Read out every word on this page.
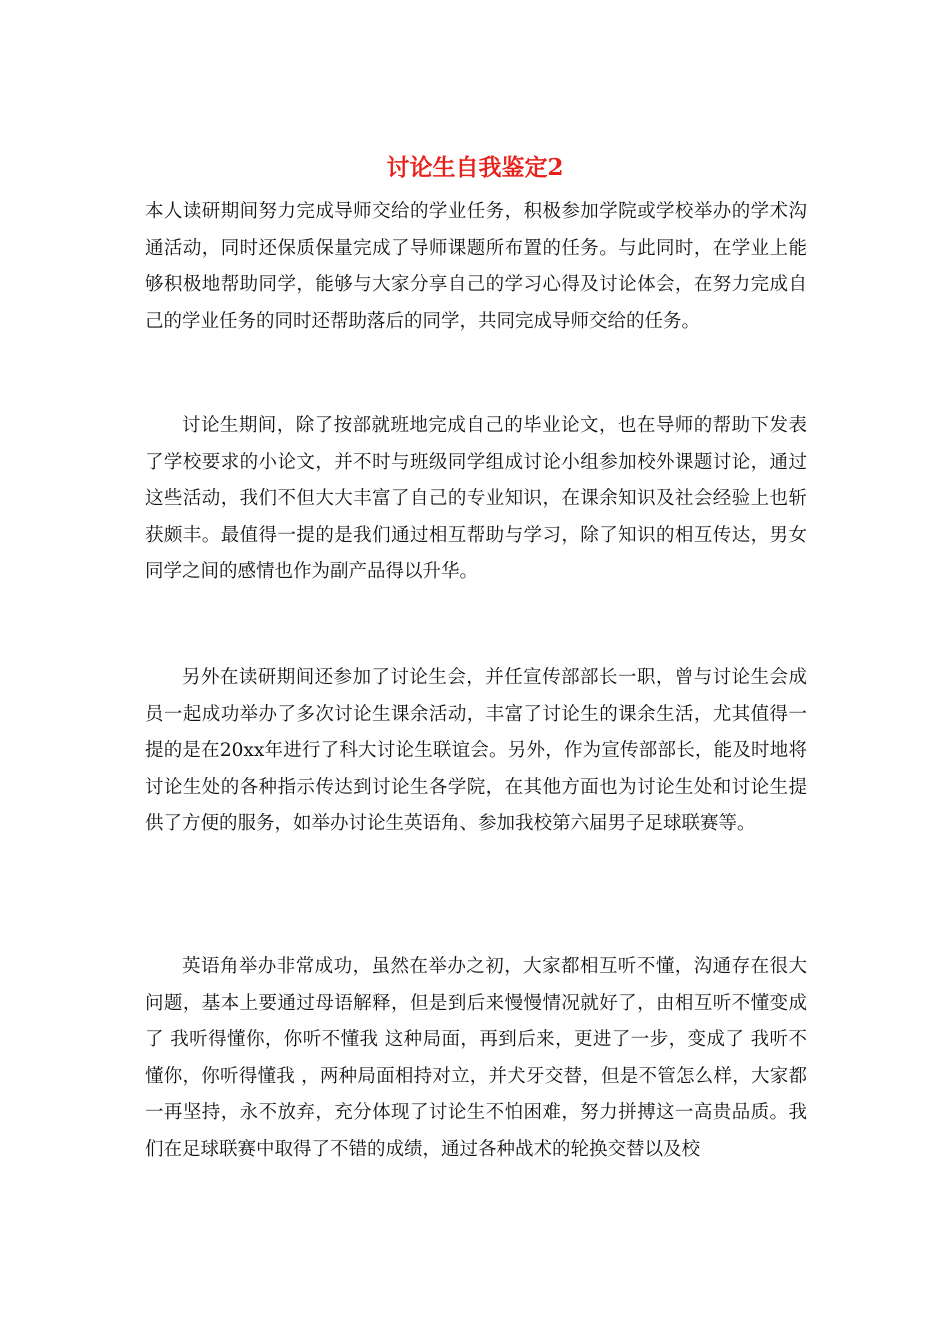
讨论生自我鉴定2

本人读研期间努力完成导师交给的学业任务，积极参加学院或学校举办的学术沟通活动，同时还保质保量完成了导师课题所布置的任务。与此同时，在学业上能够积极地帮助同学，能够与大家分享自己的学习心得及讨论体会，在努力完成自己的学业任务的同时还帮助落后的同学，共同完成导师交给的任务。

讨论生期间，除了按部就班地完成自己的毕业论文，也在导师的帮助下发表了学校要求的小论文，并不时与班级同学组成讨论小组参加校外课题讨论，通过这些活动，我们不但大大丰富了自己的专业知识，在课余知识及社会经验上也斩获颇丰。最值得一提的是我们通过相互帮助与学习，除了知识的相互传达，男女同学之间的感情也作为副产品得以升华。

另外在读研期间还参加了讨论生会，并任宣传部部长一职，曾与讨论生会成员一起成功举办了多次讨论生课余活动，丰富了讨论生的课余生活，尤其值得一提的是在20xx年进行了科大讨论生联谊会。另外，作为宣传部部长，能及时地将讨论生处的各种指示传达到讨论生各学院，在其他方面也为讨论生处和讨论生提供了方便的服务，如举办讨论生英语角、参加我校第六届男子足球联赛等。

英语角举办非常成功，虽然在举办之初，大家都相互听不懂，沟通存在很大问题，基本上要通过母语解释，但是到后来慢慢情况就好了，由相互听不懂变成了 我听得懂你，你听不懂我 这种局面，再到后来，更进了一步，变成了 我听不懂你，你听得懂我 ，两种局面相持对立，并犬牙交替，但是不管怎么样，大家都一再坚持，永不放弃，充分体现了讨论生不怕困难，努力拼搏这一高贵品质。我们在足球联赛中取得了不错的成绩，通过各种战术的轮换交替以及校
